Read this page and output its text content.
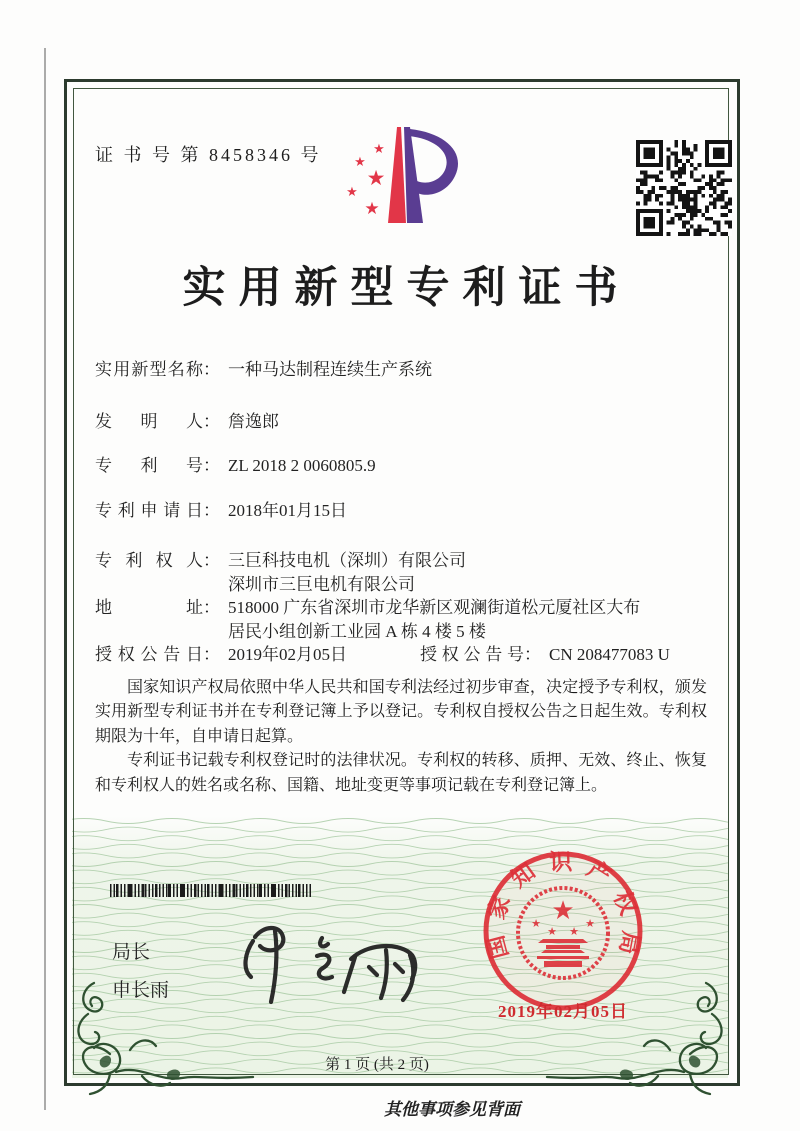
证 书 号 第 8458346 号	★
★
★
★
★
实用新型专利证书
实用新型名称 ： 一种马达制程连续生产系统
发明人 ： 詹逸郎
专利号 ： ZL 2018 2 0060805.9
专利申请日 ： 2018年01月15日
专利权人 ： 三巨科技电机（深圳）有限公司
深圳市三巨电机有限公司
地址 ： 518000 广东省深圳市龙华新区观澜街道松元厦社区大布
居民小组创新工业园 A 栋 4 楼 5 楼
授权公告日 ： 2019年02月05日	授权公告号 ： CN 208477083 U

国家知识产权局依照中华人民共和国专利法经过初步审查，决定授予专利权，颁发实用新型专利证书并在专利登记簿上予以登记。专利权自授权公告之日起生效。专利权期限为十年，自申请日起算。

专利证书记载专利权登记时的法律状况。专利权的转移、质押、无效、终止、恢复和专利权人的姓名或名称、国籍、地址变更等事项记载在专利登记簿上。

局长
申长雨
国家知识产权局
★
★
★ ★
★
2019年02月05日
第 1 页 (共 2 页)
其他事项参见背面
